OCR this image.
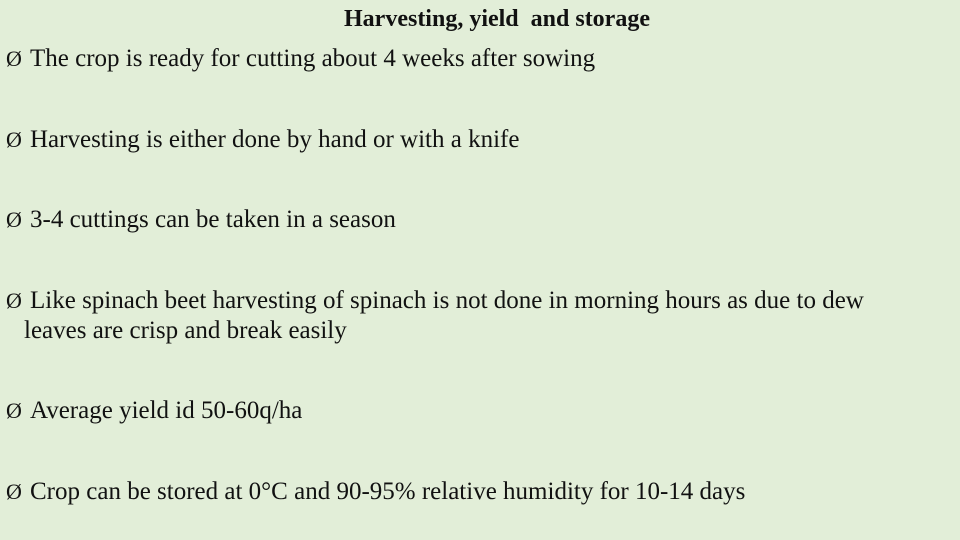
Harvesting, yield  and storage
Ø The crop is ready for cutting about 4 weeks after sowing
Ø Harvesting is either done by hand or with a knife
Ø 3-4 cuttings can be taken in a season
Ø Like spinach beet harvesting of spinach is not done in morning hours as due to dew
leaves are crisp and break easily
Ø Average yield id 50-60q/ha
Ø Crop can be stored at 0°C and 90-95% relative humidity for 10-14 days
